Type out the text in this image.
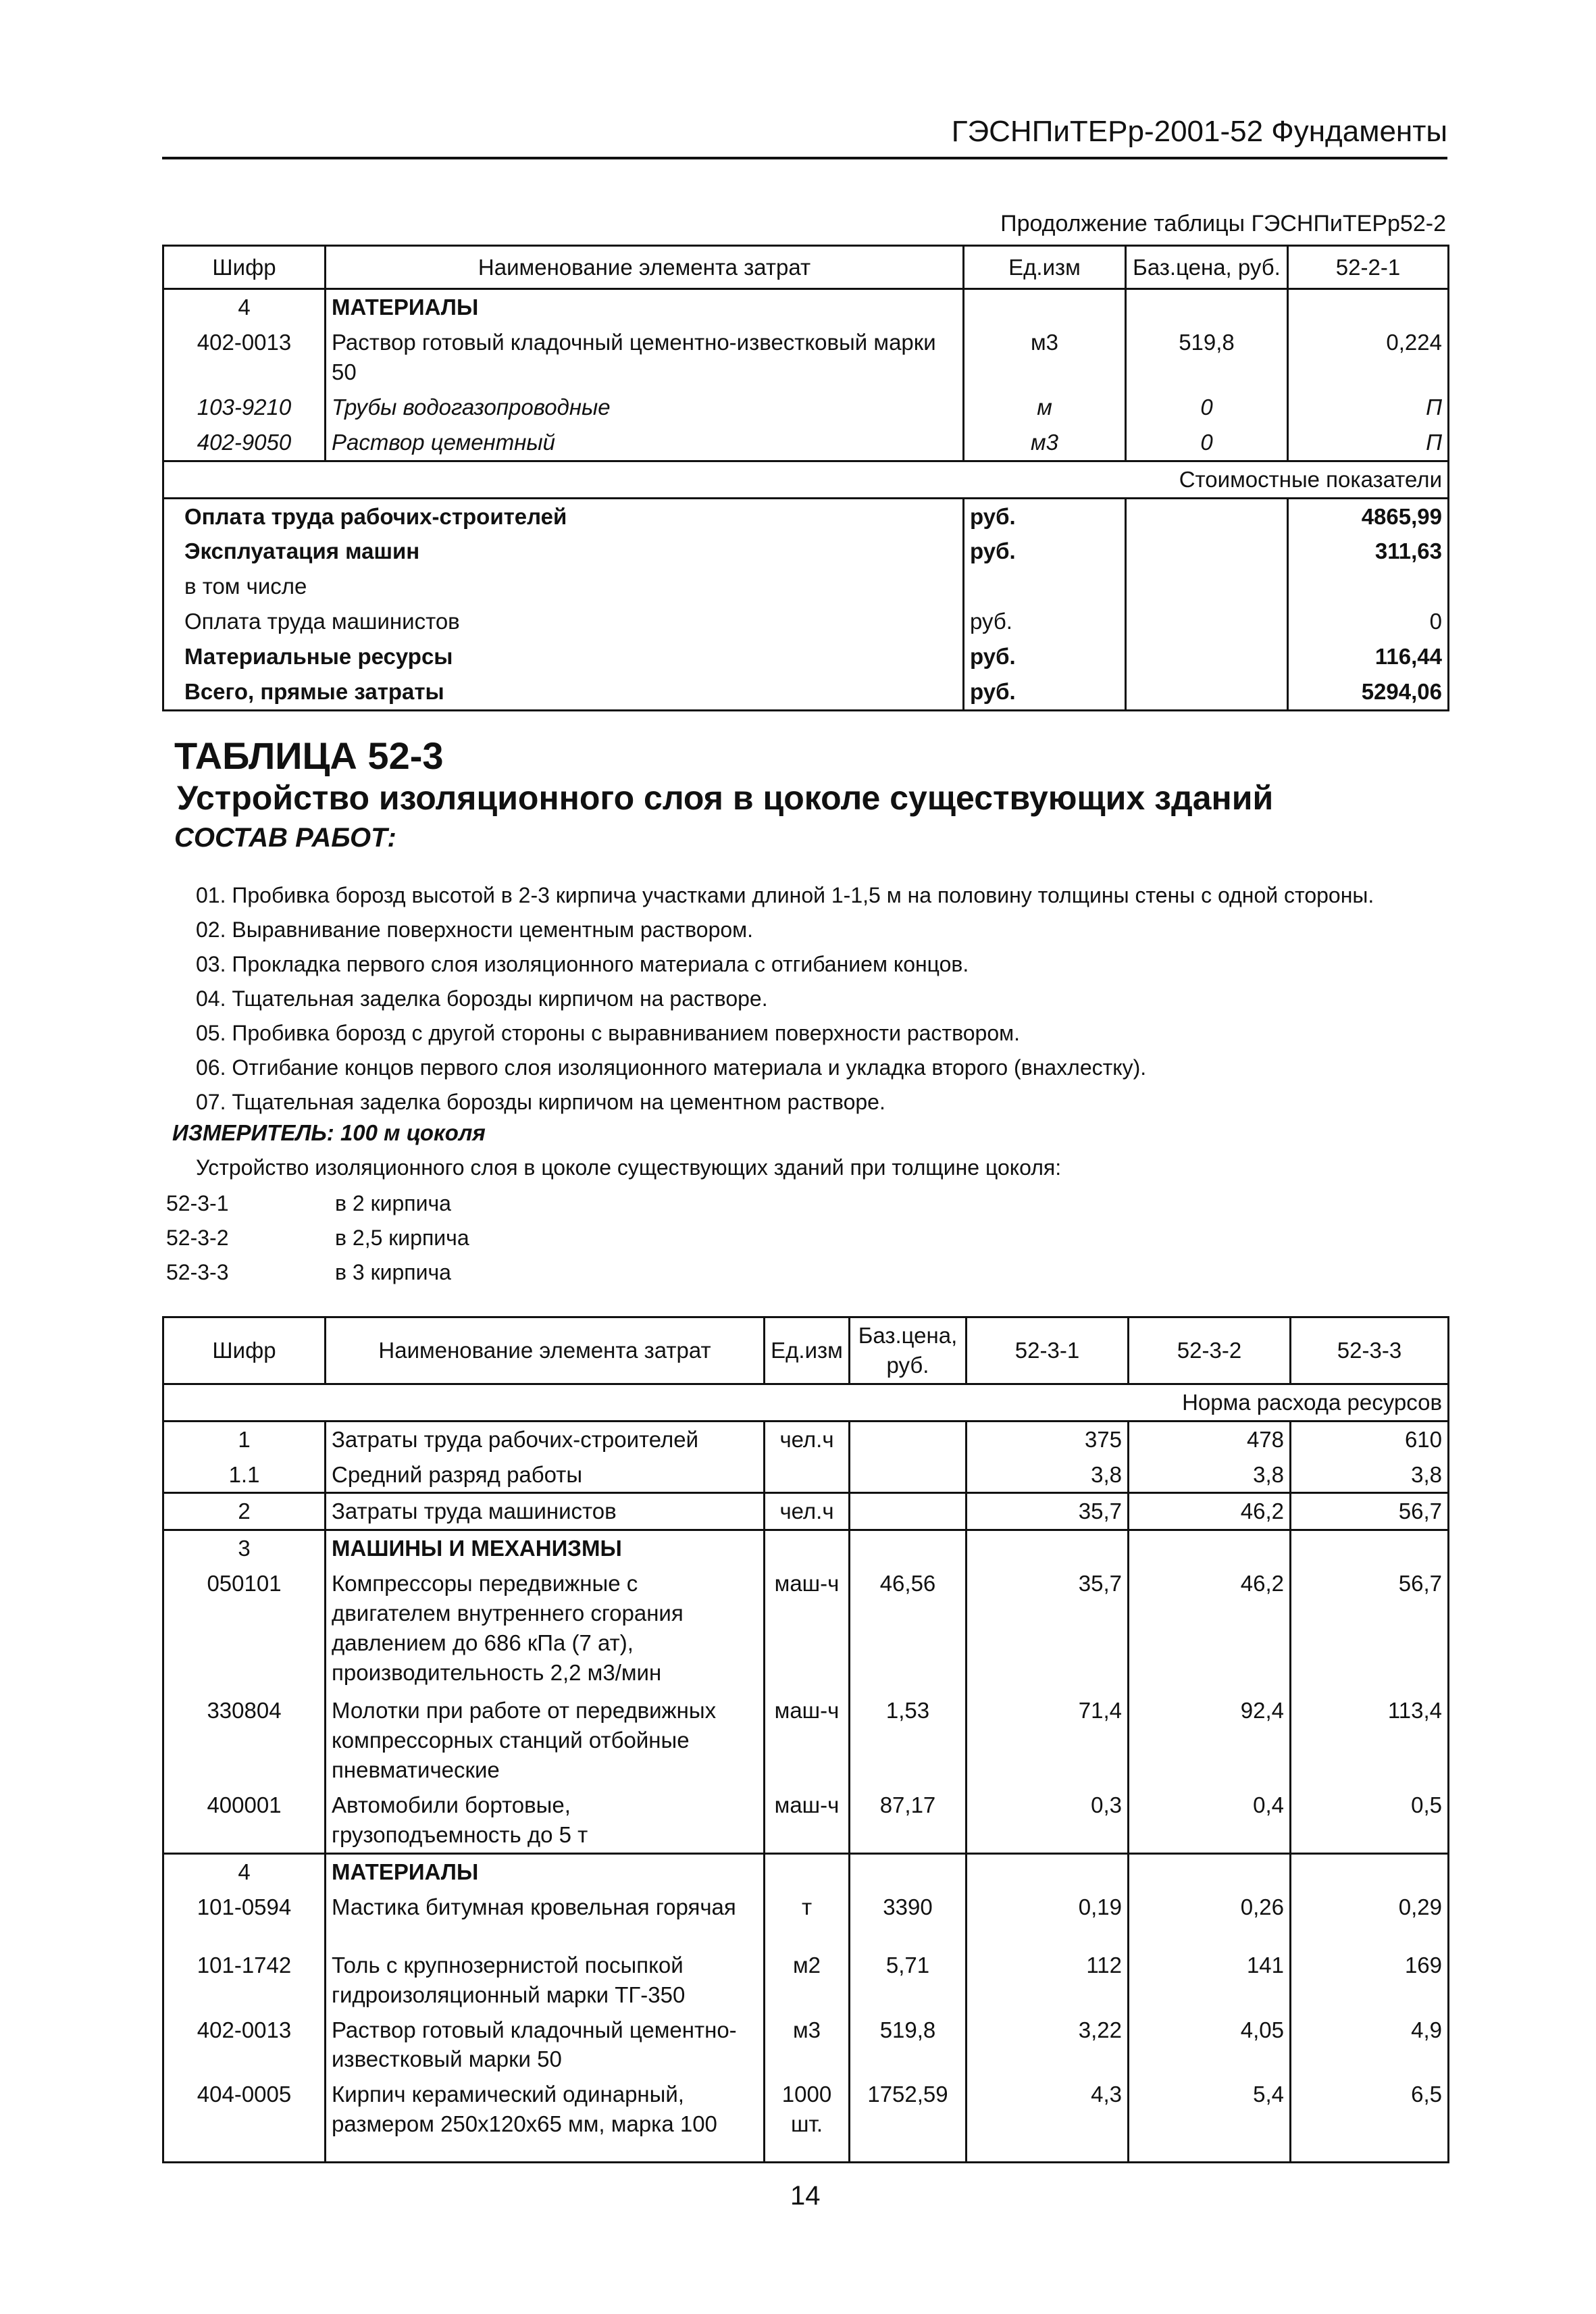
ГЭСНПиТЕРр-2001-52 Фундаменты
Продолжение таблицы ГЭСНПиТЕРр52-2
Шифр	Наименование элемента затрат	Ед.изм	Баз.цена, руб.	52-2-1
4	МАТЕРИАЛЫ			
402-0013	Раствор готовый кладочный цементно-известковый марки 50	м3	519,8	0,224
103-9210	Трубы водогазопроводные	м	0	П
402-9050	Раствор цементный	м3	0	П
Стоимостные показатели				
Оплата труда рабочих-строителей		руб.		4865,99
Эксплуатация машин		руб.		311,63
в том числе				
Оплата труда машинистов		руб.		0
Материальные ресурсы		руб.		116,44
Всего, прямые затраты		руб.		5294,06
ТАБЛИЦА 52-3
Устройство изоляционного слоя в цоколе существующих зданий
СОСТАВ РАБОТ:
01. Пробивка борозд высотой в 2-3 кирпича участками длиной 1-1,5 м на половину толщины стены с одной стороны.
02. Выравнивание поверхности цементным раствором.
03. Прокладка первого слоя изоляционного материала с отгибанием концов.
04. Тщательная заделка борозды кирпичом на растворе.
05. Пробивка борозд с другой стороны с выравниванием поверхности раствором.
06. Отгибание концов первого слоя изоляционного материала и укладка второго (внахлестку).
07. Тщательная заделка борозды кирпичом на цементном растворе.
ИЗМЕРИТЕЛЬ: 100 м цоколя
Устройство изоляционного слоя в цоколе существующих зданий при толщине цоколя:
52-3-1	в 2 кирпича
52-3-2	в 2,5 кирпича
52-3-3	в 3 кирпича
Шифр	Наименование элемента затрат	Ед.изм	Баз.цена, руб.	52-3-1	52-3-2	52-3-3
Норма расхода ресурсов						
1	Затраты труда рабочих-строителей	чел.ч		375	478	610
1.1	Средний разряд работы			3,8	3,8	3,8
2	Затраты труда машинистов	чел.ч		35,7	46,2	56,7
3	МАШИНЫ И МЕХАНИЗМЫ					
050101	Компрессоры передвижные с двигателем внутреннего сгорания давлением до 686 кПа (7 ат), производительность 2,2 м3/мин	маш-ч	46,56	35,7	46,2	56,7
330804	Молотки при работе от передвижных компрессорных станций отбойные пневматические	маш-ч	1,53	71,4	92,4	113,4
400001	Автомобили бортовые, грузоподъемность до 5 т	маш-ч	87,17	0,3	0,4	0,5
4	МАТЕРИАЛЫ					
101-0594	Мастика битумная кровельная горячая	т	3390	0,19	0,26	0,29
101-1742	Толь с крупнозернистой посыпкой гидроизоляционный марки ТГ-350	м2	5,71	112	141	169
402-0013	Раствор готовый кладочный цементно-известковый марки 50	м3	519,8	3,22	4,05	4,9
404-0005	Кирпич керамический одинарный, размером 250х120х65 мм, марка 100	1000 шт.	1752,59	4,3	5,4	6,5
14
